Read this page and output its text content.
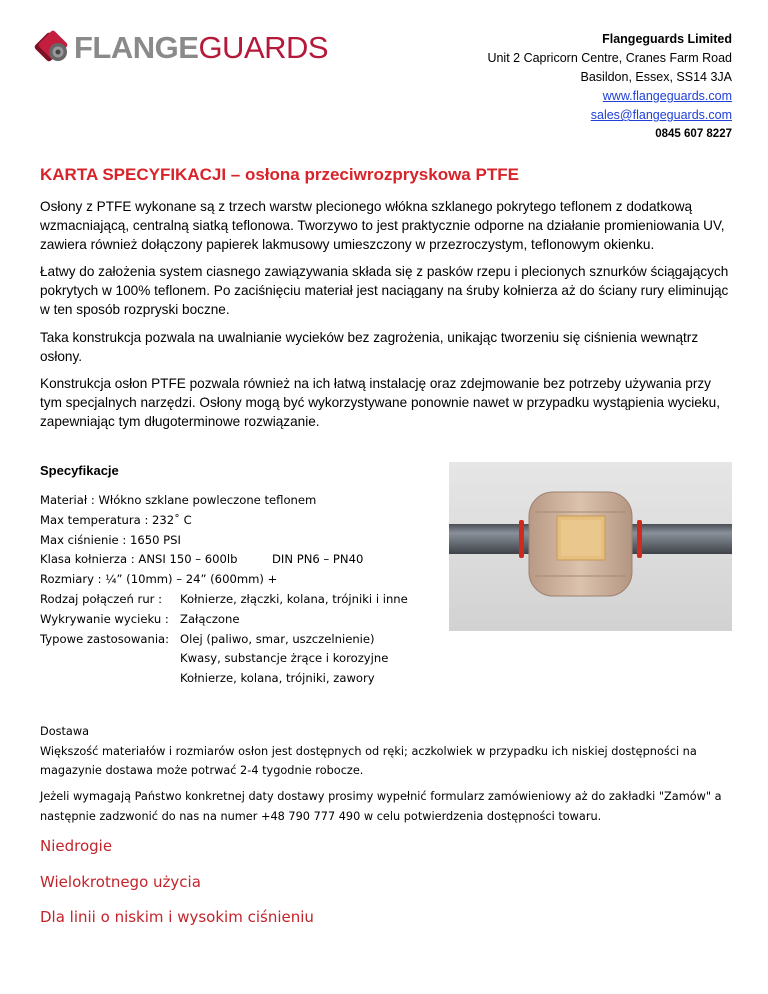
FLANGEGUARDS	Flangeguards Limited
Unit 2 Capricorn Centre, Cranes Farm Road
Basildon, Essex, SS14 3JA
www.flangeguards.com
sales@flangeguards.com
0845 607 8227
KARTA SPECYFIKACJI – osłona przeciwrozpryskowa PTFE
Osłony z PTFE wykonane są z trzech warstw plecionego włókna szklanego pokrytego teflonem z dodatkową wzmacniającą, centralną siatką teflonowa. Tworzywo to jest praktycznie odporne na działanie promieniowania UV, zawiera również dołączony papierek lakmusowy umieszczony w przezroczystym, teflonowym okienku.
Łatwy do założenia system ciasnego zawiązywania składa się z pasków rzepu i plecionych sznurków ściągających pokrytych w 100% teflonem. Po zaciśnięciu materiał jest naciągany na śruby kołnierza aż do ściany rury eliminując w ten sposób rozpryski boczne.
Taka konstrukcja pozwala na uwalnianie wycieków bez zagrożenia, unikając tworzeniu się ciśnienia wewnątrz osłony.
Konstrukcja osłon PTFE pozwala również na ich łatwą instalację oraz zdejmowanie bez potrzeby używania przy tym specjalnych narzędzi. Osłony mogą być wykorzystywane ponownie nawet w przypadku wystąpienia wycieku, zapewniając tym długoterminowe rozwiązanie.
Specyfikacje
Materiał : Włókno szklane powleczone teflonem
Max temperatura : 232˚ C
Max ciśnienie : 1650 PSI
Klasa kołnierza : ANSI 150 – 600lb	DIN PN6 – PN40
Rozmiary : ¼” (10mm) – 24” (600mm) +
Rodzaj połączeń rur :	Kołnierze, złączki, kolana, trójniki i inne
Wykrywanie wycieku : Załączone
Typowe zastosowania: Olej (paliwo, smar, uszczelnienie)
Kwasy, substancje żrące i korozyjne
Kołnierze, kolana, trójniki, zawory
Dostawa
Większość materiałów i rozmiarów osłon jest dostępnych od ręki; aczkolwiek w przypadku ich niskiej dostępności na magazynie dostawa może potrwać 2-4 tygodnie robocze.
Jeżeli wymagają Państwo konkretnej daty dostawy prosimy wypełnić formularz zamówieniowy aż do zakładki "Zamów" a następnie zadzwonić do nas na numer +48 790 777 490 w celu potwierdzenia dostępności towaru.
Niedrogie
Wielokrotnego użycia
Dla linii o niskim i wysokim ciśnieniu
